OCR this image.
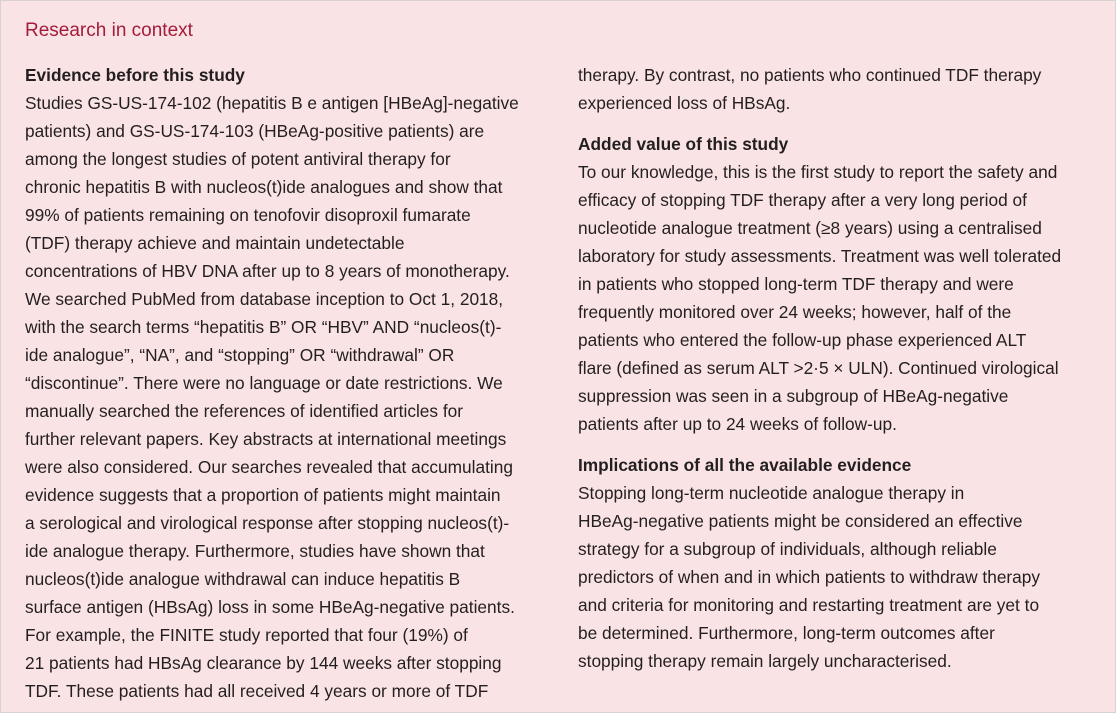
Research in context
Evidence before this study
Studies GS-US-174-102 (hepatitis B e antigen [HBeAg]-negative
patients) and GS-US-174-103 (HBeAg-positive patients) are
among the longest studies of potent antiviral therapy for
chronic hepatitis B with nucleos(t)ide analogues and show that
99% of patients remaining on tenofovir disoproxil fumarate
(TDF) therapy achieve and maintain undetectable
concentrations of HBV DNA after up to 8 years of monotherapy.
We searched PubMed from database inception to Oct 1, 2018,
with the search terms “hepatitis B” OR “HBV” AND “nucleos(t)-
ide analogue”, “NA”, and “stopping” OR “withdrawal” OR
“discontinue”. There were no language or date restrictions. We
manually searched the references of identified articles for
further relevant papers. Key abstracts at international meetings
were also considered. Our searches revealed that accumulating
evidence suggests that a proportion of patients might maintain
a serological and virological response after stopping nucleos(t)-
ide analogue therapy. Furthermore, studies have shown that
nucleos(t)ide analogue withdrawal can induce hepatitis B
surface antigen (HBsAg) loss in some HBeAg-negative patients.
For example, the FINITE study reported that four (19%) of
21 patients had HBsAg clearance by 144 weeks after stopping
TDF. These patients had all received 4 years or more of TDF
therapy. By contrast, no patients who continued TDF therapy
experienced loss of HBsAg.
Added value of this study
To our knowledge, this is the first study to report the safety and
efficacy of stopping TDF therapy after a very long period of
nucleotide analogue treatment (≥8 years) using a centralised
laboratory for study assessments. Treatment was well tolerated
in patients who stopped long-term TDF therapy and were
frequently monitored over 24 weeks; however, half of the
patients who entered the follow-up phase experienced ALT
flare (defined as serum ALT >2·5 × ULN). Continued virological
suppression was seen in a subgroup of HBeAg-negative
patients after up to 24 weeks of follow-up.
Implications of all the available evidence
Stopping long-term nucleotide analogue therapy in
HBeAg-negative patients might be considered an effective
strategy for a subgroup of individuals, although reliable
predictors of when and in which patients to withdraw therapy
and criteria for monitoring and restarting treatment are yet to
be determined. Furthermore, long-term outcomes after
stopping therapy remain largely uncharacterised.
